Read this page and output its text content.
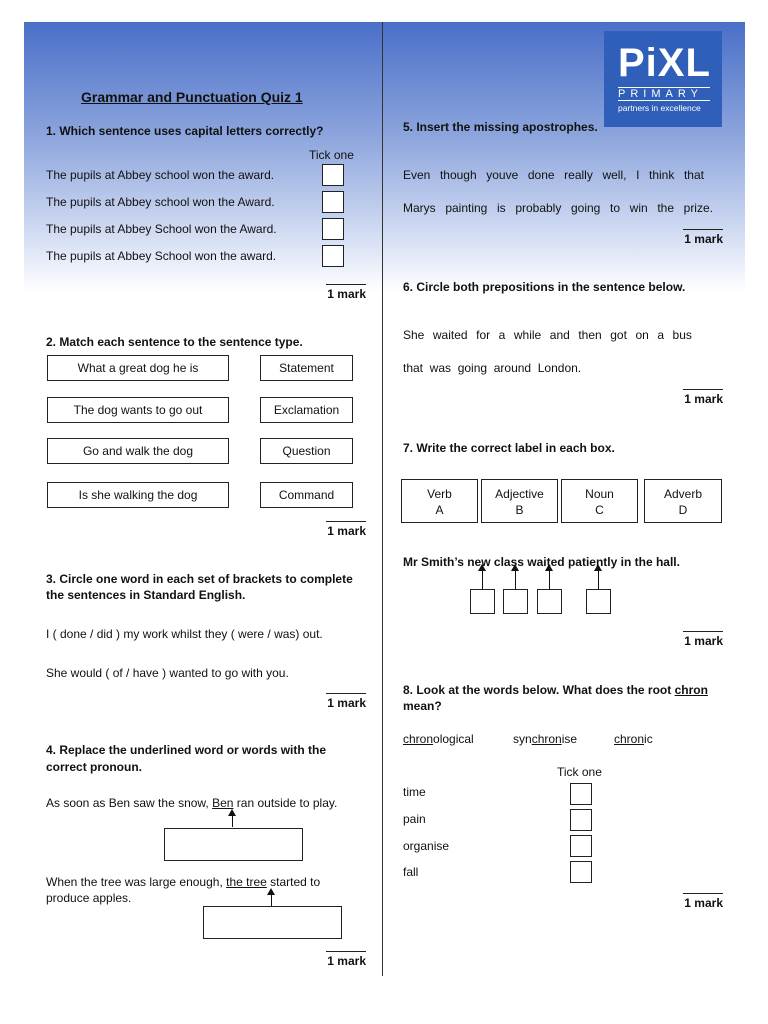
PiXL
PRIMARY
partners in excellence
Grammar and Punctuation Quiz 1
1. Which sentence uses capital letters correctly?
Tick one
The pupils at Abbey school won the award.
The pupils at Abbey school won the Award.
The pupils at Abbey School won the Award.
The pupils at Abbey School won the award.
1 mark
2. Match each sentence to the sentence type.
What a great dog he is
The dog wants to go out
Go and walk the dog
Is she walking the dog
Statement
Exclamation
Question
Command
1 mark
3. Circle one word in each set of brackets to complete
the sentences in Standard English.
I ( done / did ) my work whilst they ( were / was) out.
She would ( of / have ) wanted to go with you.
1 mark
4. Replace the underlined word or words with the
correct pronoun.
As soon as Ben saw the snow, Ben ran outside to play.
When the tree was large enough, the tree started to
produce apples.
1 mark
5. Insert the missing apostrophes.
Even though youve done really well, I think that
Marys painting is probably going to win the prize.
1 mark
6. Circle both prepositions in the sentence below.
She waited for a while and then got on a bus
that  was  going  around  London.
1 mark
7. Write the correct label in each box.
Verb
A
Adjective
B
Noun
C
Adverb
D
Mr Smith’s new class waited patiently in the hall.
1 mark
8. Look at the words below. What does the root chron
mean?
chronological	synchronise	chronic
Tick one
time
pain
organise
fall
1 mark
